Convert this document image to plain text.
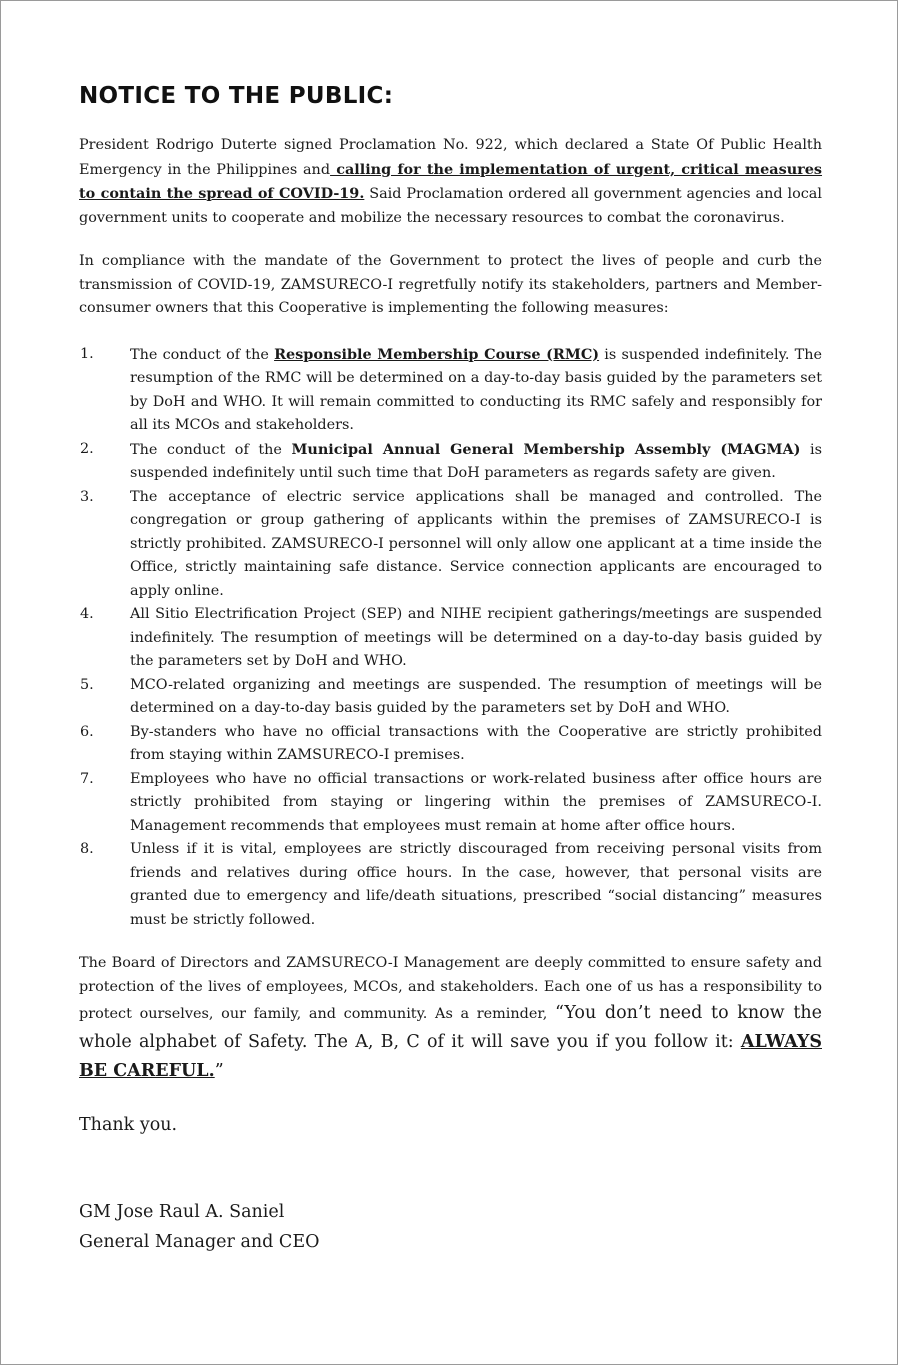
NOTICE TO THE PUBLIC:

President Rodrigo Duterte signed Proclamation No. 922, which declared a State Of Public Health Emergency in the Philippines and calling for the implementation of urgent, critical measures to contain the spread of COVID-19. Said Proclamation ordered all government agencies and local government units to cooperate and mobilize the necessary resources to combat the coronavirus.

In compliance with the mandate of the Government to protect the lives of people and curb the transmission of COVID-19, ZAMSURECO-I regretfully notify its stakeholders, partners and Member-consumer owners that this Cooperative is implementing the following measures:

1.	The conduct of the Responsible Membership Course (RMC) is suspended indefinitely. The resumption of the RMC will be determined on a day-to-day basis guided by the parameters set by DoH and WHO. It will remain committed to conducting its RMC safely and responsibly for all its MCOs and stakeholders.
2.	The conduct of the Municipal Annual General Membership Assembly (MAGMA) is suspended indefinitely until such time that DoH parameters as regards safety are given.
3.	The acceptance of electric service applications shall be managed and controlled. The congregation or group gathering of applicants within the premises of ZAMSURECO-I is strictly prohibited. ZAMSURECO-I personnel will only allow one applicant at a time inside the Office, strictly maintaining safe distance. Service connection applicants are encouraged to apply online.
4.	All Sitio Electrification Project (SEP) and NIHE recipient gatherings/meetings are suspended indefinitely. The resumption of meetings will be determined on a day-to-day basis guided by the parameters set by DoH and WHO.
5.	MCO-related organizing and meetings are suspended. The resumption of meetings will be determined on a day-to-day basis guided by the parameters set by DoH and WHO.
6.	By-standers who have no official transactions with the Cooperative are strictly prohibited from staying within ZAMSURECO-I premises.
7.	Employees who have no official transactions or work-related business after office hours are strictly prohibited from staying or lingering within the premises of ZAMSURECO-I. Management recommends that employees must remain at home after office hours.
8.	Unless if it is vital, employees are strictly discouraged from receiving personal visits from friends and relatives during office hours. In the case, however, that personal visits are granted due to emergency and life/death situations, prescribed “social distancing” measures must be strictly followed.

The Board of Directors and ZAMSURECO-I Management are deeply committed to ensure safety and protection of the lives of employees, MCOs, and stakeholders. Each one of us has a responsibility to protect ourselves, our family, and community. As a reminder, “You don’t need to know the whole alphabet of Safety. The A, B, C of it will save you if you follow it: ALWAYS BE CAREFUL.”

Thank you.
GM Jose Raul A. Saniel
General Manager and CEO
